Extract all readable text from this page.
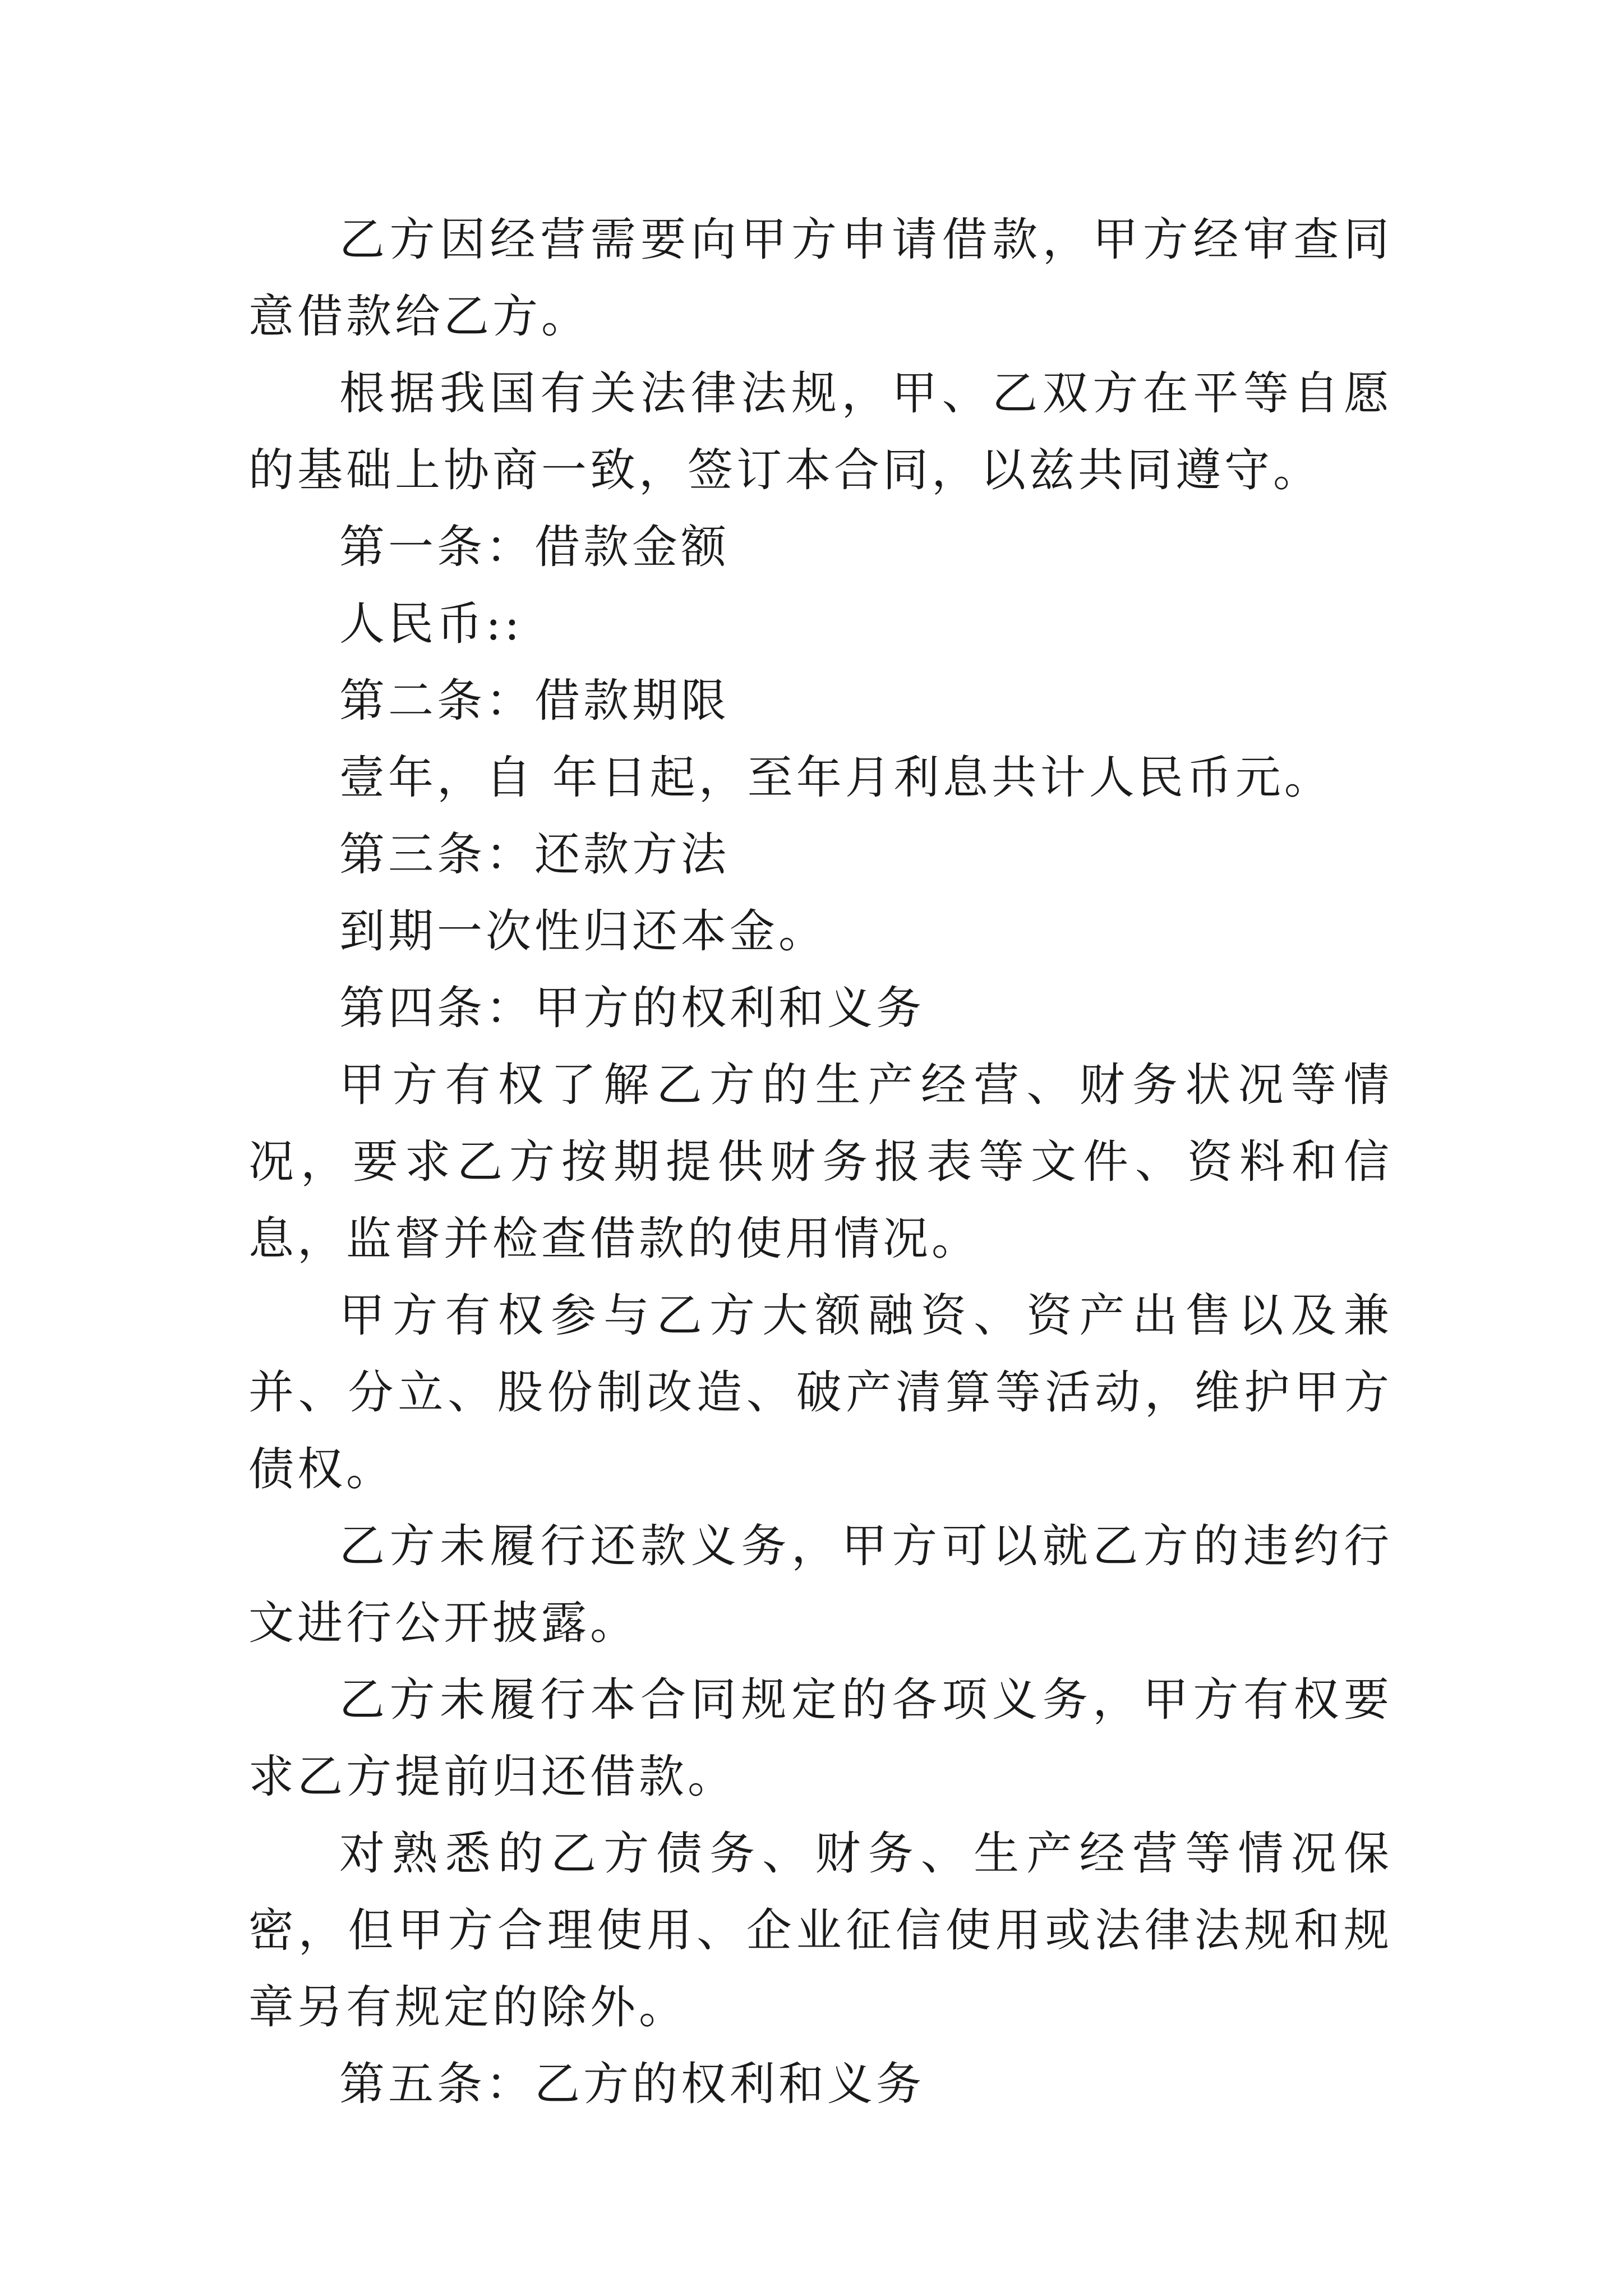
乙方因经营需要向甲方申请借款，甲方经审查同意借款给乙方。

根据我国有关法律法规，甲、乙双方在平等自愿的基础上协商一致，签订本合同，以兹共同遵守。

第一条：借款金额

人民币::

第二条：借款期限

壹年，自 年日起，至年月利息共计人民币元。

第三条：还款方法

到期一次性归还本金。

第四条：甲方的权利和义务

甲方有权了解乙方的生产经营、财务状况等情况，要求乙方按期提供财务报表等文件、资料和信息，监督并检查借款的使用情况。

甲方有权参与乙方大额融资、资产出售以及兼并、分立、股份制改造、破产清算等活动，维护甲方债权。

乙方未履行还款义务，甲方可以就乙方的违约行文进行公开披露。

乙方未履行本合同规定的各项义务，甲方有权要求乙方提前归还借款。

对熟悉的乙方债务、财务、生产经营等情况保密，但甲方合理使用、企业征信使用或法律法规和规章另有规定的除外。

第五条：乙方的权利和义务
